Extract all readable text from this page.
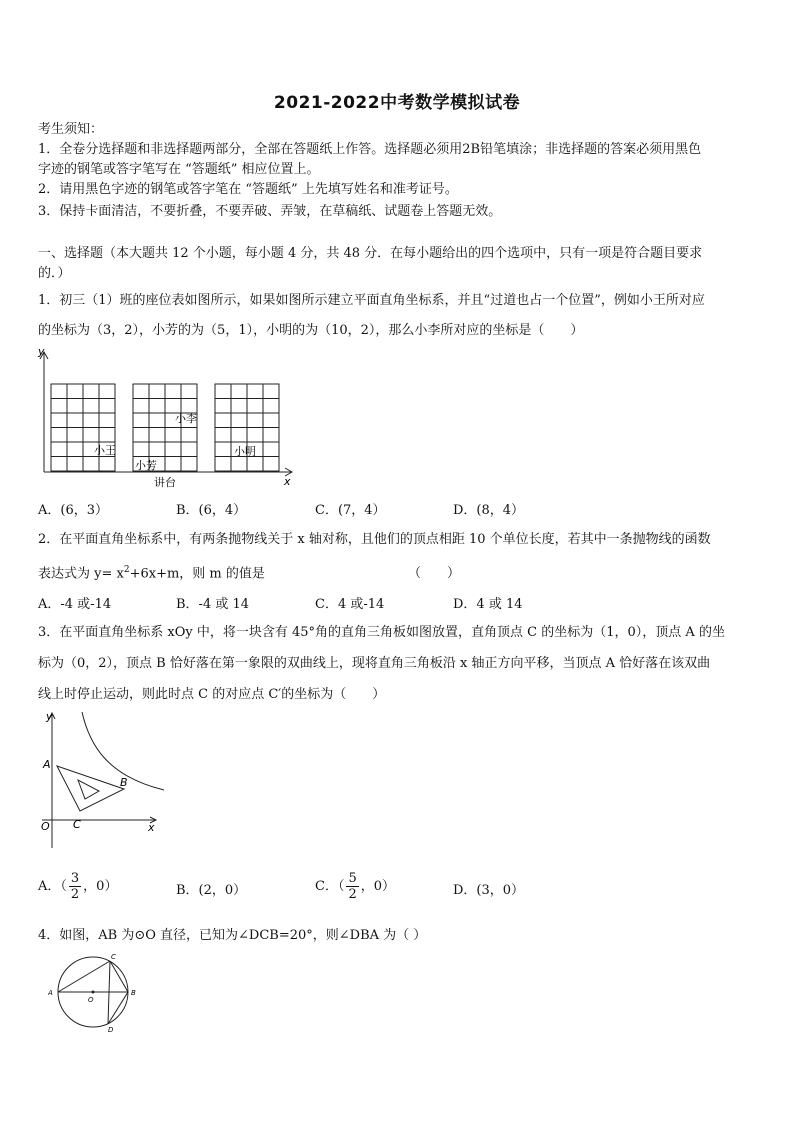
2021-2022中考数学模拟试卷
考生须知：
1．全卷分选择题和非选择题两部分，全部在答题纸上作答。选择题必须用2B铅笔填涂；非选择题的答案必须用黑色
字迹的钢笔或答字笔写在 “答题纸” 相应位置上。
2．请用黑色字迹的钢笔或答字笔在 “答题纸” 上先填写姓名和准考证号。
3．保持卡面清洁，不要折叠，不要弄破、弄皱，在草稿纸、试题卷上答题无效。
一、选择题（本大题共 12 个小题，每小题 4 分，共 48 分．在每小题给出的四个选项中，只有一项是符合题目要求
的．）
1．初三（1）班的座位表如图所示，如果如图所示建立平面直角坐标系，并且“过道也占一个位置”，例如小王所对应
的坐标为（3，2），小芳的为（5，1），小明的为（10，2），那么小李所对应的坐标是（　　）
y
x
小王
小芳
小李
小明
讲台
A．(6，3）	B．(6，4）	C．(7，4）	D．(8，4）
2．在平面直角坐标系中，有两条抛物线关于 x 轴对称，且他们的顶点相距 10 个单位长度，若其中一条抛物线的函数
表达式为 $y= x^2+6x+m$，则 m 的值是	（　　）
A．-4 或-14	B．-4 或 14	C．4 或-14	D．4 或 14
3．在平面直角坐标系 xOy 中，将一块含有 45°角的直角三角板如图放置，直角顶点 C 的坐标为（1，0），顶点 A 的坐
标为（0，2），顶点 B 恰好落在第一象限的双曲线上，现将直角三角板沿 x 轴正方向平移，当顶点 A 恰好落在该双曲
线上时停止运动，则此时点 C 的对应点 C′的坐标为（　　）
y
x
O
A
B
C
A．（ $\frac{3}{2}$ ，0）	B．(2，0）	C．（ $\frac{5}{2}$ ，0）	D．(3，0）
4．如图，AB 为⊙O 直径，已知为∠DCB=20°，则∠DBA 为（ ）
A	B
C
D
O
